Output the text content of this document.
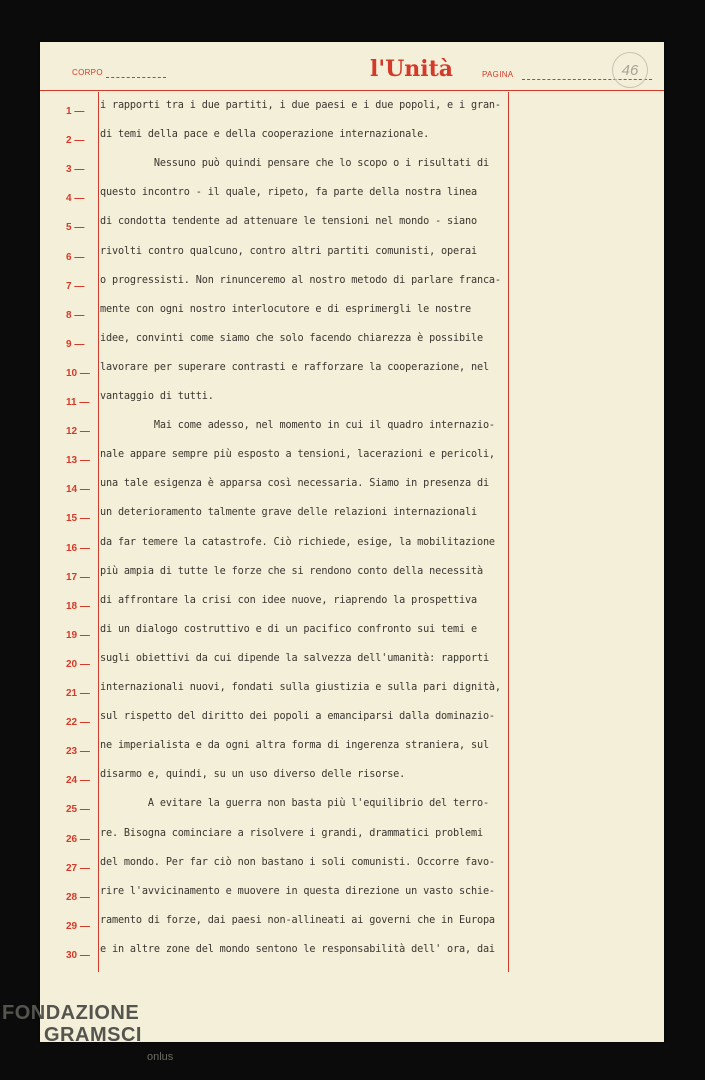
CORPO	l'Unità	PAGINA	46
1 —
i rapporti tra i due partiti, i due paesi e i due popoli, e i gran-
2 —
di temi della pace e della cooperazione internazionale.
3 —
Nessuno può quindi pensare che lo scopo o i risultati di
4 —
questo incontro - il quale, ripeto, fa parte della nostra linea
5 —
di condotta tendente ad attenuare le tensioni nel mondo - siano
6 —
rivolti contro qualcuno, contro altri partiti comunisti, operai
7 —
o progressisti. Non rinunceremo al nostro metodo di parlare franca-
8 —
mente con ogni nostro interlocutore e di esprimergli le nostre
9 —
idee, convinti come siamo che solo facendo chiarezza è possibile
10 —
lavorare per superare contrasti e rafforzare la cooperazione, nel
11 —
vantaggio di tutti.
12 —
Mai come adesso, nel momento in cui il quadro internazio-
13 —
nale appare sempre più esposto a tensioni, lacerazioni e pericoli,
14 —
una tale esigenza è apparsa così necessaria. Siamo in presenza di
15 —
un deterioramento talmente grave delle relazioni internazionali
16 —
da far temere la catastrofe. Ciò richiede, esige, la mobilitazione
17 —
più ampia di tutte le forze che si rendono conto della necessità
18 —
di affrontare la crisi con idee nuove, riaprendo la prospettiva
19 —
di un dialogo costruttivo e di un pacifico confronto sui temi e
20 —
sugli obiettivi da cui dipende la salvezza dell'umanità: rapporti
21 —
internazionali nuovi, fondati sulla giustizia e sulla pari dignità,
22 —
sul rispetto del diritto dei popoli a emanciparsi dalla dominazio-
23 —
ne imperialista e da ogni altra forma di ingerenza straniera, sul
24 —
disarmo e, quindi, su un uso diverso delle risorse.
25 —
A evitare la guerra non basta più l'equilibrio del terro-
26 —
re. Bisogna cominciare a risolvere i grandi, drammatici problemi
27 —
del mondo. Per far ciò non bastano i soli comunisti. Occorre favo-
28 —
rire l'avvicinamento e muovere in questa direzione un vasto schie-
29 —
ramento di forze, dai paesi non-allineati ai governi che in Europa
30 —
e in altre zone del mondo sentono le responsabilità dell' ora, dai
FONDAZIONE
GRAMSCI
onlus
